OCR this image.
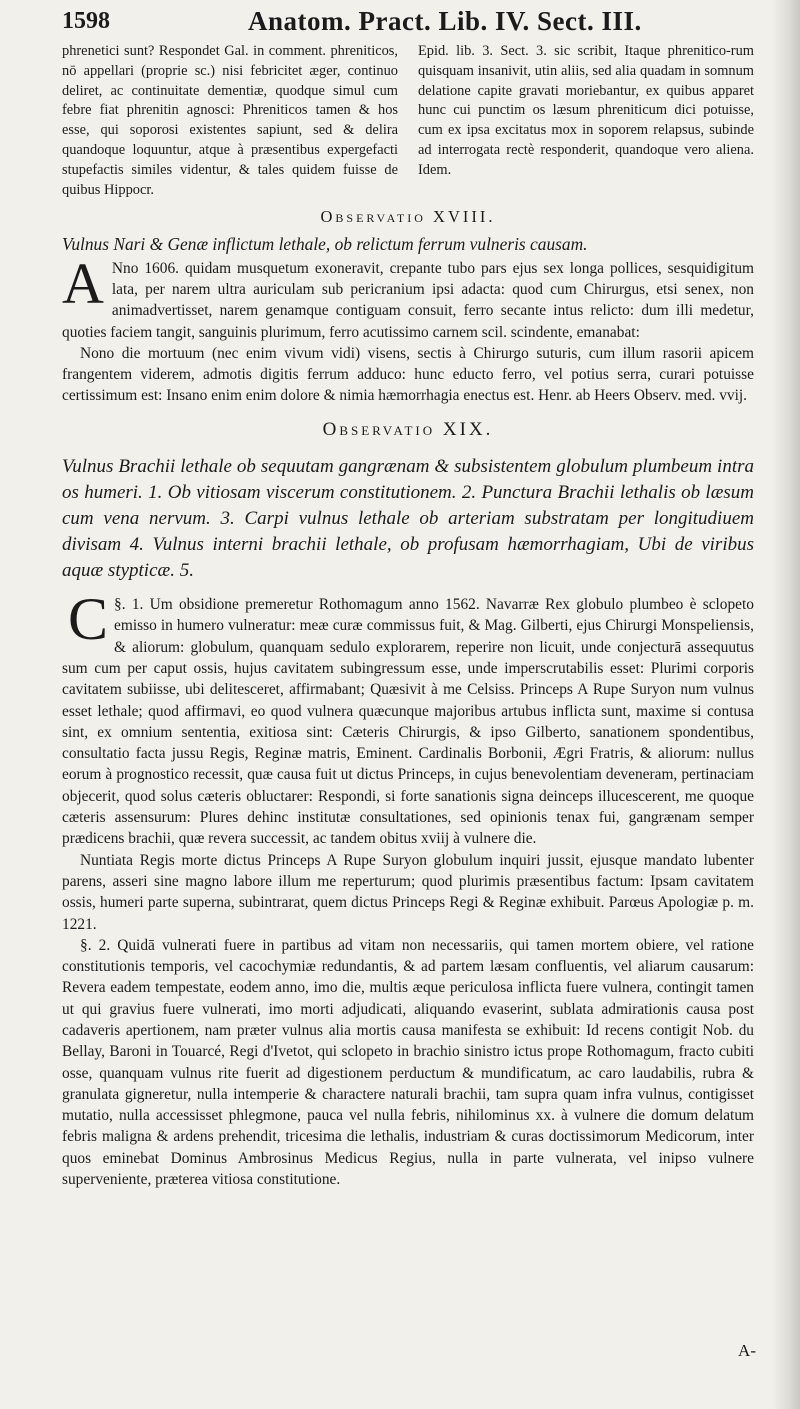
1598	Anatom. Pract. Lib. IV. Sect. III.

phrenetici sunt? Respondet Gal. in comment. phreniticos, nō appellari (proprie sc.) nisi febricitet æger, continuo deliret, ac continuitate dementiæ, quodque simul cum febre fiat phrenitin agnosci: Phreniticos tamen & hos esse, qui soporosi existentes sapiunt, sed & delira quandoque loquuntur, atque à præsentibus expergefacti stupefactis similes videntur, & tales quidem fuisse de quibus Hippocr.

Epid. lib. 3. Sect. 3. sic scribit, Itaque phrenitico-rum quisquam insanivit, utin aliis, sed alia quadam in somnum delatione capite gravati moriebantur, ex quibus apparet hunc cui punctim os læsum phreniticum dici potuisse, cum ex ipsa excitatus mox in soporem relapsus, subinde ad interrogata rectè responderit, quandoque vero aliena. Idem.

Observatio XVIII.

Vulnus Nari & Genæ inflictum lethale, ob relictum ferrum vulneris causam.

A Nno 1606. quidam musquetum exoneravit, crepante tubo pars ejus sex longa pollices, sesquidigitum lata, per narem ultra auriculam sub pericranium ipsi adacta: quod cum Chirurgus, etsi senex, non animadvertisset, narem genamque contiguam consuit, ferro secante intus relicto: dum illi medetur, quoties faciem tangit, sanguinis plurimum, ferro acutissimo carnem scil. scindente, emanabat:

Nono die mortuum (nec enim vivum vidi) visens, sectis à Chirurgo suturis, cum illum rasorii apicem frangentem viderem, admotis digitis ferrum adduco: hunc educto ferro, vel potius serra, curari potuisse certissimum est: Insano enim enim dolore & nimia hæmorrhagia enectus est. Henr. ab Heers Observ. med. vvij.

Observatio XIX.

Vulnus Brachii lethale ob sequutam gangrænam & subsistentem globulum plumbeum intra os humeri. 1. Ob vitiosam viscerum constitutionem. 2. Punctura Brachii lethalis ob læsum cum vena nervum. 3. Carpi vulnus lethale ob arteriam substratam per longitudiuem divisam 4. Vulnus interni brachii lethale, ob profusam hæmorrhagiam, Ubi de viribus aquæ stypticæ. 5.

§. 1.
C	Um obsidione premeretur Rothomagum anno 1562. Navarræ Rex globulo plumbeo è sclopeto emisso in humero vulneratur: meæ curæ commissus fuit, & Mag. Gilberti, ejus Chirurgi Monspeliensis, & aliorum: globulum, quanquam sedulo explorarem, reperire non licuit, unde conjecturā assequutus sum cum per caput ossis, hujus cavitatem subingressum esse, unde imperscrutabilis esset: Plurimi corporis cavitatem subiisse, ubi delitesceret, affirmabant; Quæsivit à me Celsiss. Princeps A Rupe Suryon num vulnus esset lethale; quod affirmavi, eo quod vulnera quæcunque majoribus artubus inflicta sunt, maxime si contusa sint, ex omnium sententia, exitiosa sint: Cæteris Chirurgis, & ipso Gilberto, sanationem spondentibus, consultatio facta jussu Regis, Reginæ matris, Eminent. Cardinalis Borbonii, Ægri Fratris, & aliorum: nullus eorum à prognostico recessit, quæ causa fuit ut dictus Princeps, in cujus benevolentiam deveneram, pertinaciam objecerit, quod solus cæteris obluctarer: Respondi, si forte sanationis signa deinceps illucescerent, me quoque cæteris assensurum: Plures dehinc institutæ consultationes, sed opinionis tenax fui, gangrænam semper prædicens brachii, quæ revera successit, ac tandem obitus xviij à vulnere die.

Nuntiata Regis morte dictus Princeps A Rupe Suryon globulum inquiri jussit, ejusque mandato lubenter parens, asseri sine magno labore illum me reperturum; quod plurimis præsentibus factum: Ipsam cavitatem ossis, humeri parte superna, subintrarat, quem dictus Princeps Regi & Reginæ exhibuit. Parœus Apologiæ p. m. 1221.

§. 2. Quidā vulnerati fuere in partibus ad vitam non necessariis, qui tamen mortem obiere, vel ratione constitutionis temporis, vel cacochymiæ redundantis, & ad partem læsam confluentis, vel aliarum causarum: Revera eadem tempestate, eodem anno, imo die, multis æque periculosa inflicta fuere vulnera, contingit tamen ut qui gravius fuere vulnerati, imo morti adjudicati, aliquando evaserint, sublata admirationis causa post cadaveris apertionem, nam præter vulnus alia mortis causa manifesta se exhibuit: Id recens contigit Nob. du Bellay, Baroni in Touarcé, Regi d'Ivetot, qui sclopeto in brachio sinistro ictus prope Rothomagum, fracto cubiti osse, quanquam vulnus rite fuerit ad digestionem perductum & mundificatum, ac caro laudabilis, rubra & granulata gigneretur, nulla intemperie & charactere naturali brachii, tam supra quam infra vulnus, contigisset mutatio, nulla accessisset phlegmone, pauca vel nulla febris, nihilominus xx. à vulnere die domum delatum febris maligna & ardens prehendit, tricesima die lethalis, industriam & curas doctissimorum Medicorum, inter quos eminebat Dominus Ambrosinus Medicus Regius, nulla in parte vulnerata, vel inipso vulnere superveniente, præterea vitiosa constitutione.

A-
